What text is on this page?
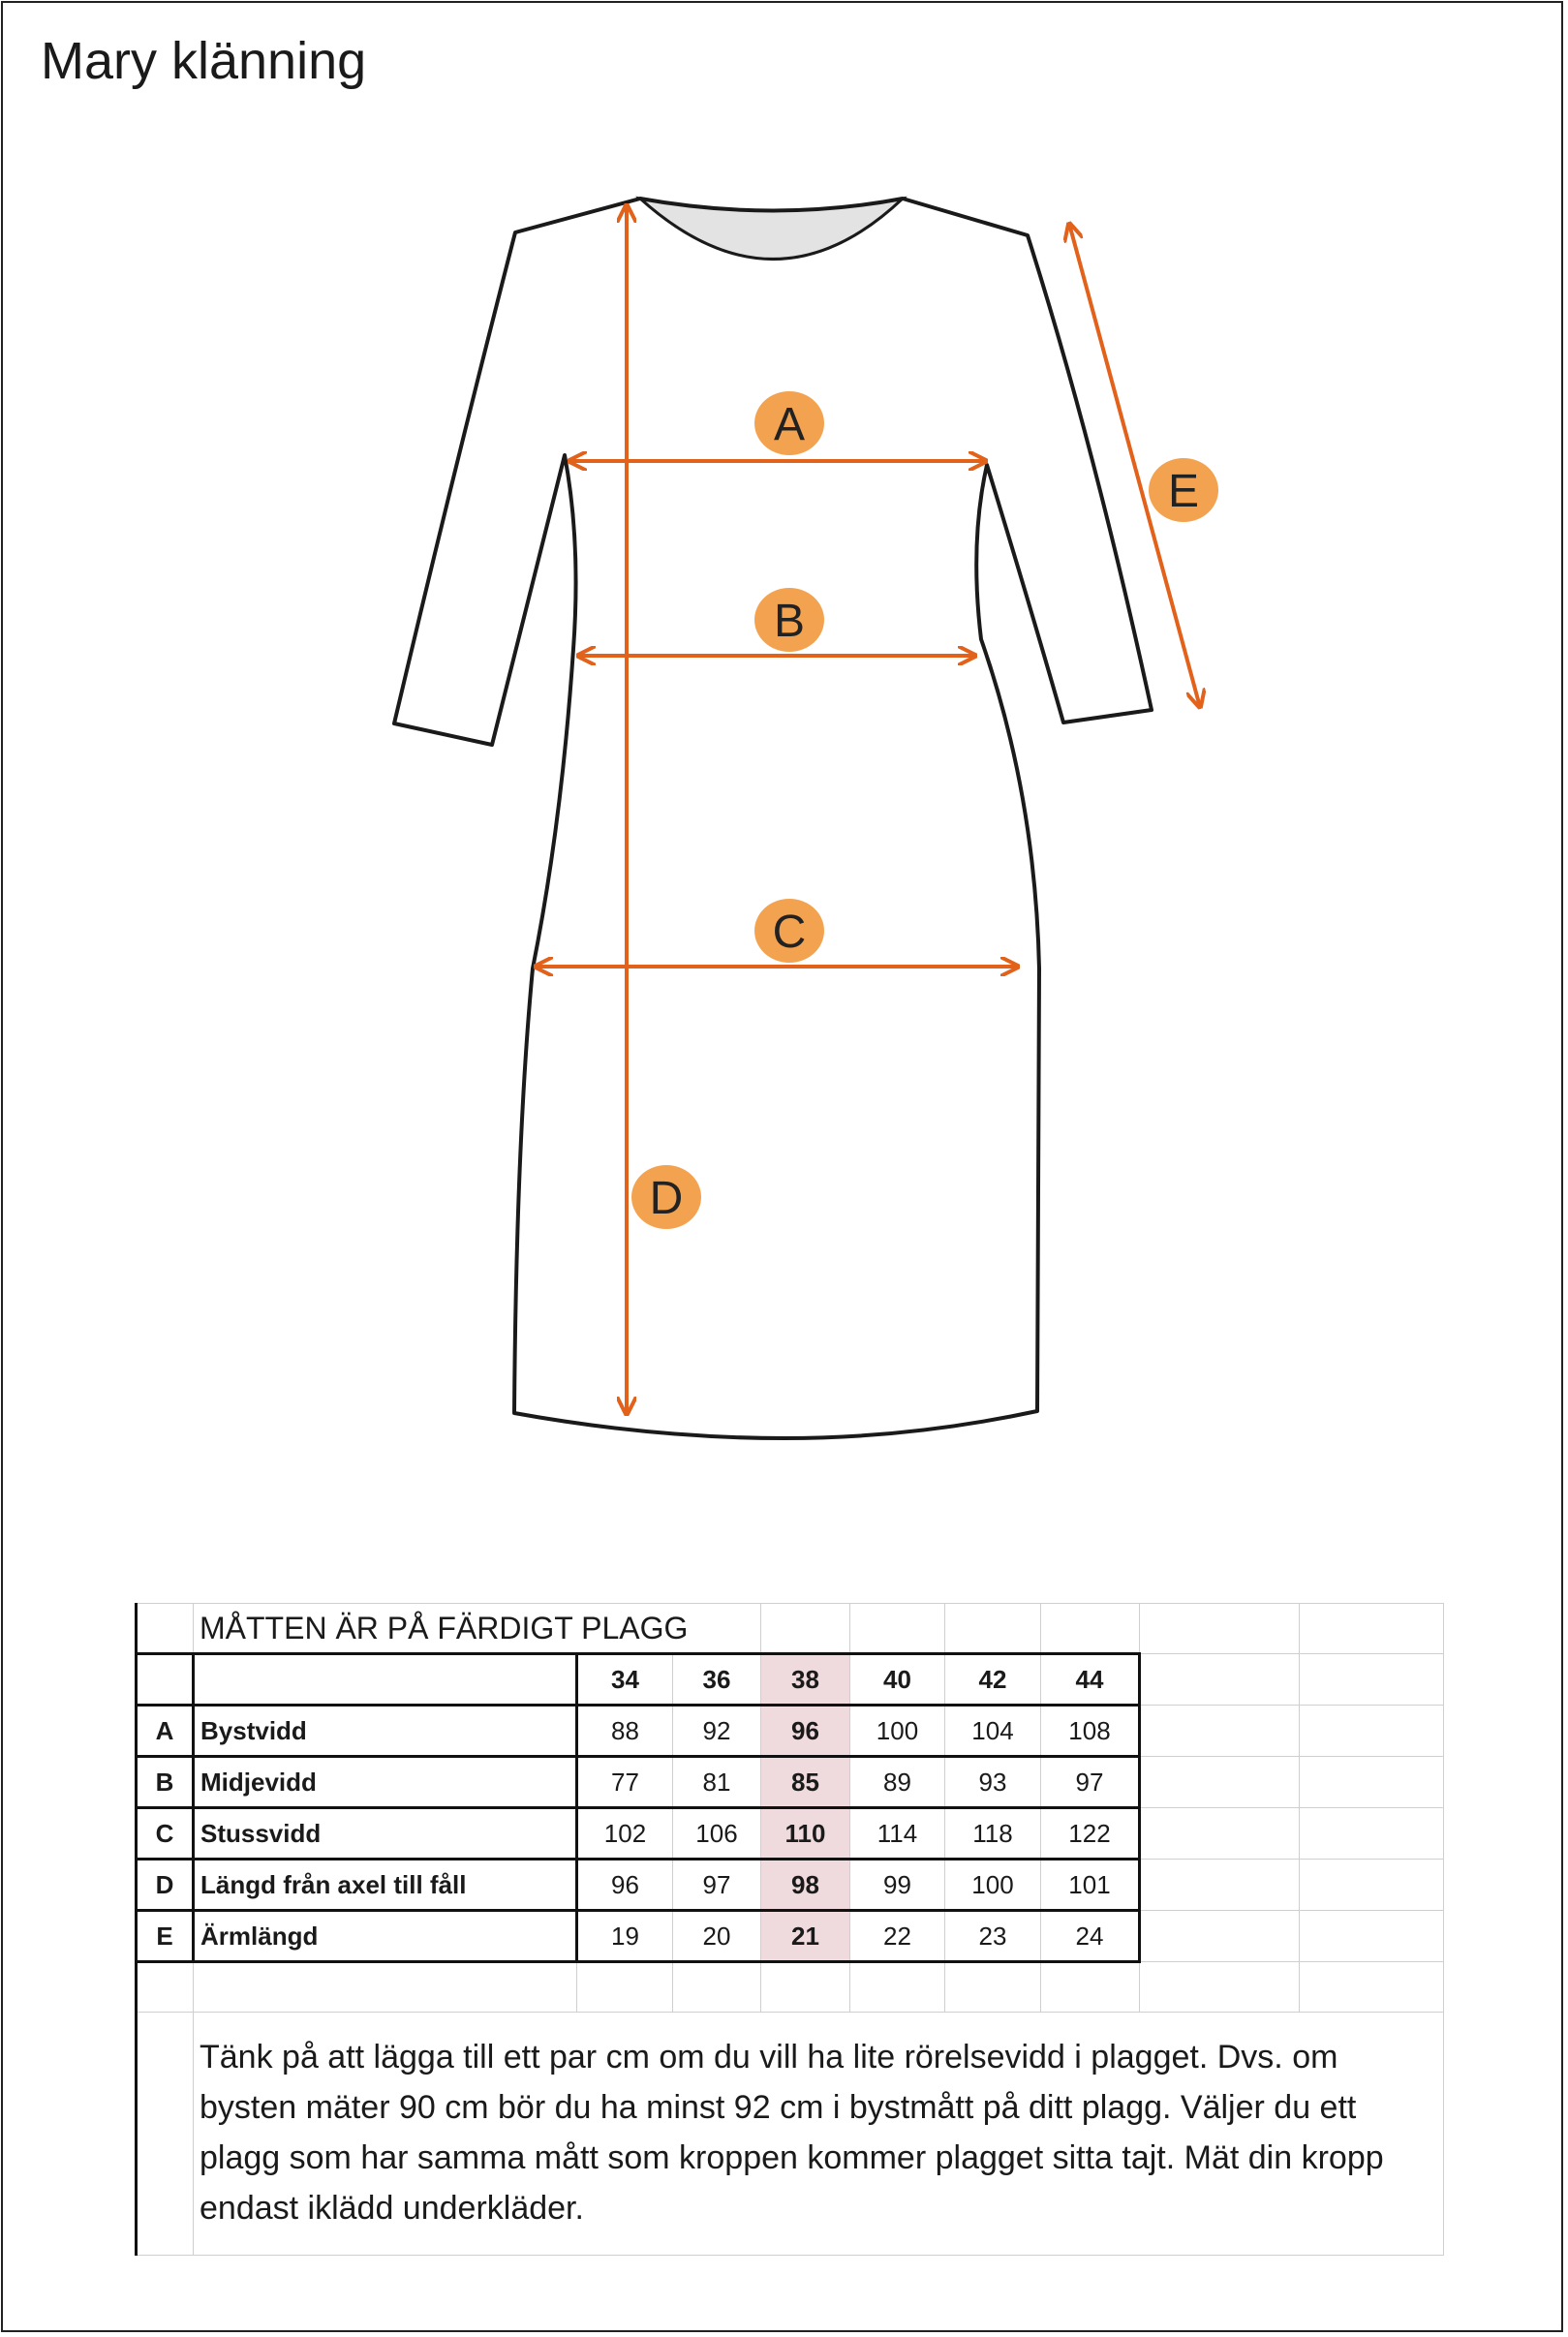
Mary klänning
A
B
C
D
E
	MÅTTEN ÄR PÅ FÄRDIGT PLAGG								
		34	36	38	40	42	44		
A	Bystvidd	88	92	96	100	104	108		
B	Midjevidd	77	81	85	89	93	97		
C	Stussvidd	102	106	110	114	118	122		
D	Längd från axel till fåll	96	97	98	99	100	101		
E	Ärmlängd	19	20	21	22	23	24		

	Tänk på att lägga till ett par cm om du vill ha lite rörelsevidd i plagget. Dvs. om bysten mäter 90 cm bör du ha minst 92 cm i bystmått på ditt plagg. Väljer du ett plagg som har samma mått som kroppen kommer plagget sitta tajt. Mät din kropp endast iklädd underkläder.								
